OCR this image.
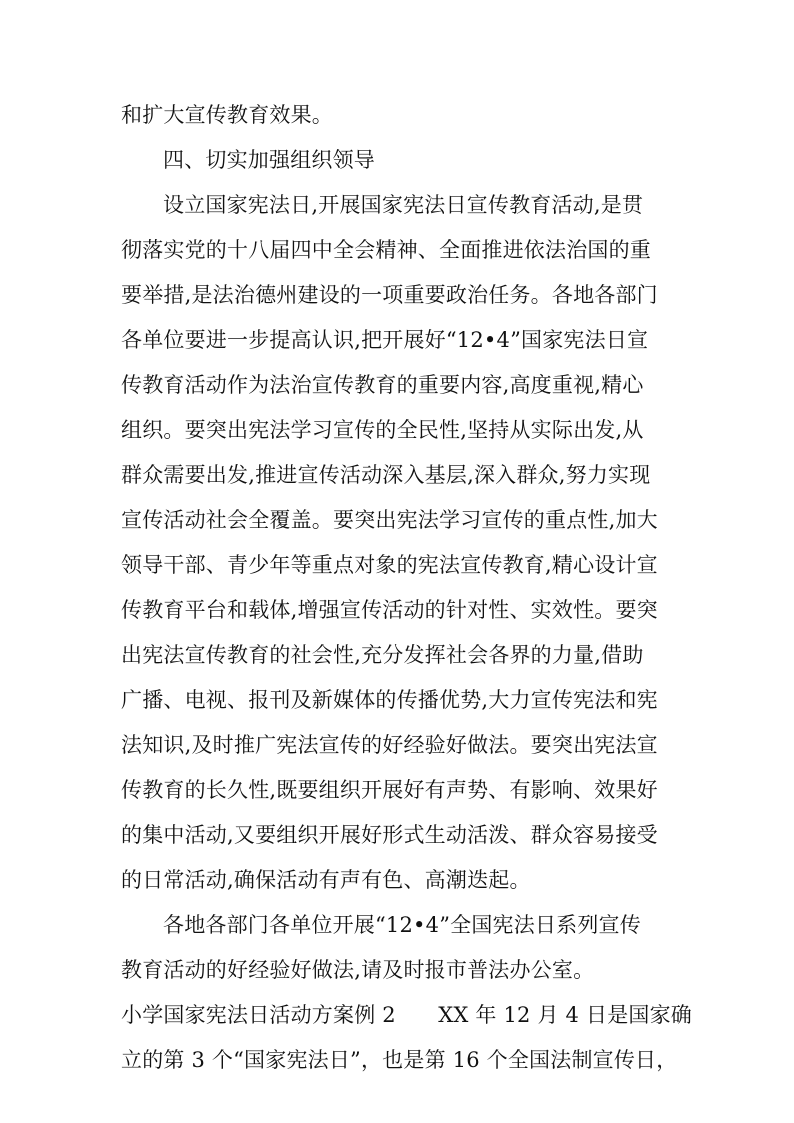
和扩大宣传教育效果。
四、切实加强组织领导
设立国家宪法日,开展国家宪法日宣传教育活动,是贯
彻落实党的十八届四中全会精神、全面推进依法治国的重
要举措,是法治德州建设的一项重要政治任务。各地各部门
各单位要进一步提高认识,把开展好“12•4”国家宪法日宣
传教育活动作为法治宣传教育的重要内容,高度重视,精心
组织。要突出宪法学习宣传的全民性,坚持从实际出发,从
群众需要出发,推进宣传活动深入基层,深入群众,努力实现
宣传活动社会全覆盖。要突出宪法学习宣传的重点性,加大
领导干部、青少年等重点对象的宪法宣传教育,精心设计宣
传教育平台和载体,增强宣传活动的针对性、实效性。要突
出宪法宣传教育的社会性,充分发挥社会各界的力量,借助
广播、电视、报刊及新媒体的传播优势,大力宣传宪法和宪
法知识,及时推广宪法宣传的好经验好做法。要突出宪法宣
传教育的长久性,既要组织开展好有声势、有影响、效果好
的集中活动,又要组织开展好形式生动活泼、群众容易接受
的日常活动,确保活动有声有色、高潮迭起。
各地各部门各单位开展“12•4”全国宪法日系列宣传
教育活动的好经验好做法,请及时报市普法办公室。
小学国家宪法日活动方案例 2　　XX 年 12 月 4 日是国家确
立的第 3 个“国家宪法日”，也是第 16 个全国法制宣传日，
